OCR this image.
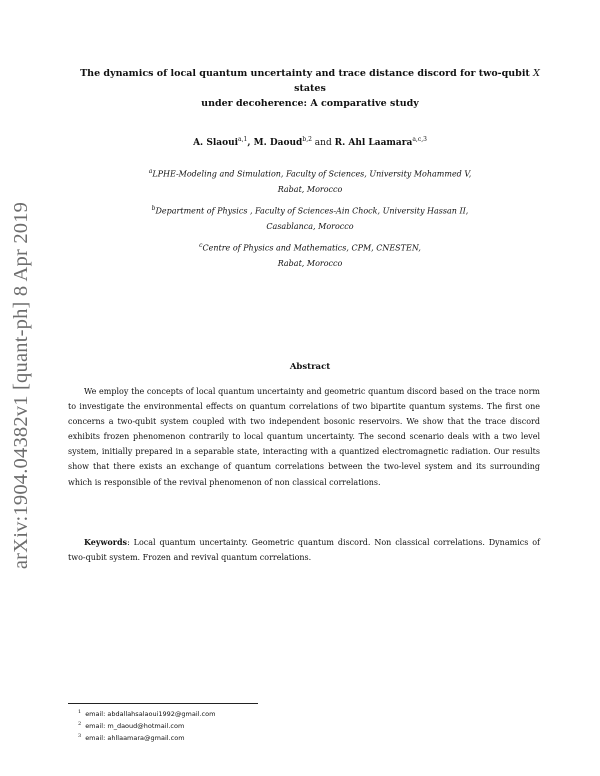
arXiv:1904.04382v1 [quant-ph] 8 Apr 2019
The dynamics of local quantum uncertainty and trace distance discord for two-qubit X states
under decoherence: A comparative study
A. Slaoui$^{a,1}$, M. Daoud$^{b,2}$ and R. Ahl Laamara$^{a,c,3}$
$^a$LPHE-Modeling and Simulation, Faculty of Sciences, University Mohammed V,
Rabat, Morocco
$^b$Department of Physics , Faculty of Sciences-Ain Chock, University Hassan II,
Casablanca, Morocco
$^c$Centre of Physics and Mathematics, CPM, CNESTEN,
Rabat, Morocco
Abstract

We employ the concepts of local quantum uncertainty and geometric quantum discord based on the trace norm to investigate the environmental effects on quantum correlations of two bipartite quantum systems. The first one concerns a two-qubit system coupled with two independent bosonic reservoirs. We show that the trace discord exhibits frozen phenomenon contrarily to local quantum uncertainty. The second scenario deals with a two level system, initially prepared in a separable state, interacting with a quantized electromagnetic radiation. Our results show that there exists an exchange of quantum correlations between the two-level system and its surrounding which is responsible of the revival phenomenon of non classical correlations.

Keywords: Local quantum uncertainty. Geometric quantum discord. Non classical correlations. Dynamics of two-qubit system. Frozen and revival quantum correlations.

$^1$ email: abdallahsalaoui1992@gmail.com
$^2$ email: m_daoud@hotmail.com
$^3$ email: ahllaamara@gmail.com
